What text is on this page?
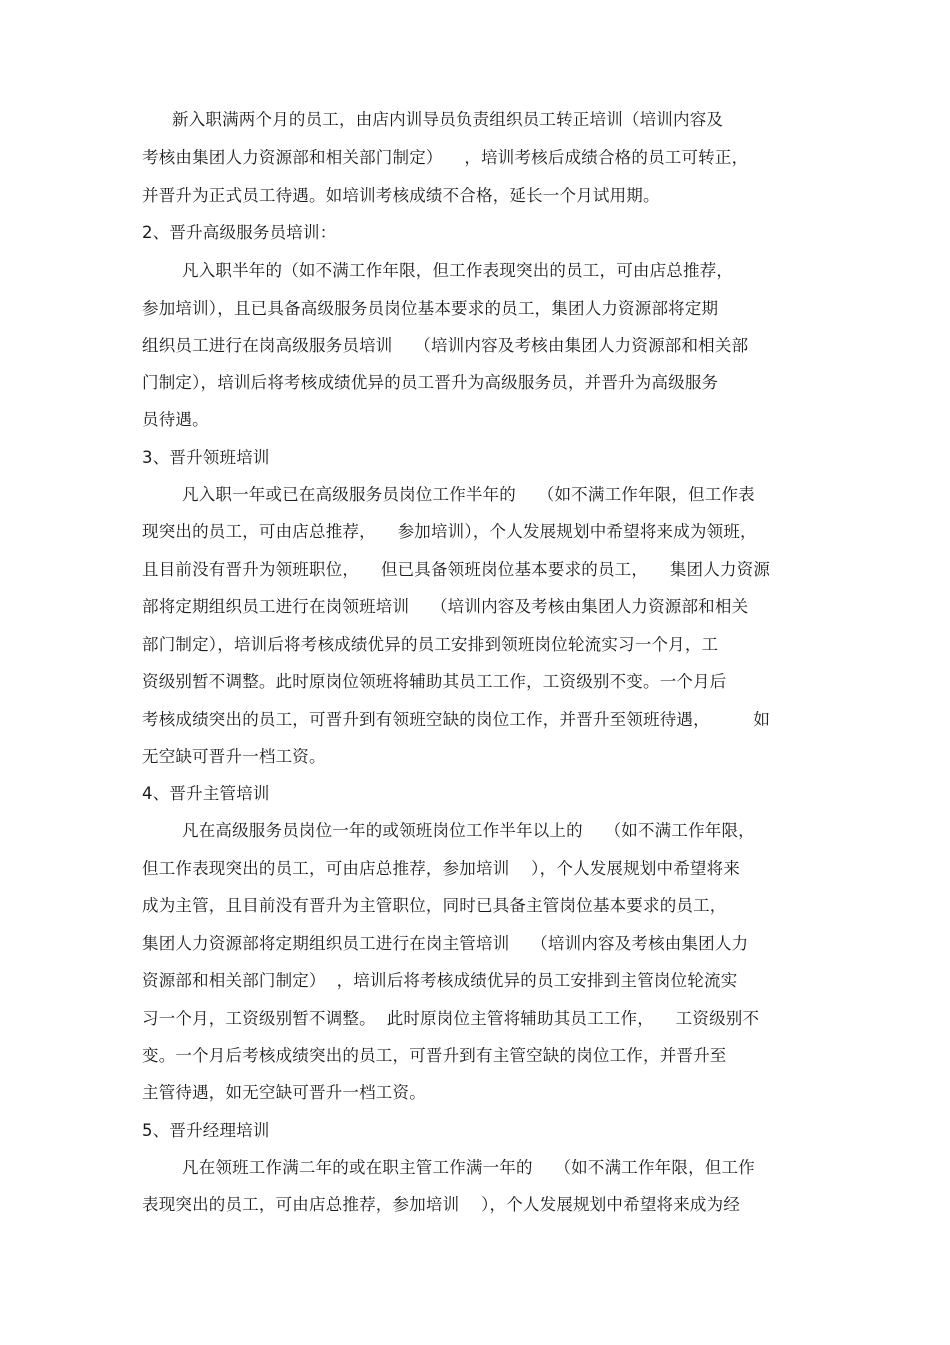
新入职满两个月的员工，由店内训导员负责组织员工转正培训（培训内容及
考核由集团人力资源部和相关部门制定）    ，培训考核后成绩合格的员工可转正，
并晋升为正式员工待遇。如培训考核成绩不合格，延长一个月试用期。
2、晋升高级服务员培训：
凡入职半年的（如不满工作年限，但工作表现突出的员工，可由店总推荐，
参加培训），且已具备高级服务员岗位基本要求的员工，集团人力资源部将定期
组织员工进行在岗高级服务员培训    （培训内容及考核由集团人力资源部和相关部
门制定），培训后将考核成绩优异的员工晋升为高级服务员，并晋升为高级服务
员待遇。
3、晋升领班培训
凡入职一年或已在高级服务员岗位工作半年的    （如不满工作年限，但工作表
现突出的员工，可由店总推荐，    参加培训），个人发展规划中希望将来成为领班，
且目前没有晋升为领班职位，    但已具备领班岗位基本要求的员工，    集团人力资源
部将定期组织员工进行在岗领班培训    （培训内容及考核由集团人力资源部和相关
部门制定），培训后将考核成绩优异的员工安排到领班岗位轮流实习一个月，工
资级别暂不调整。此时原岗位领班将辅助其员工工作，工资级别不变。一个月后
考核成绩突出的员工，可晋升到有领班空缺的岗位工作，并晋升至领班待遇，        如
无空缺可晋升一档工资。
4、晋升主管培训
凡在高级服务员岗位一年的或领班岗位工作半年以上的    （如不满工作年限，
但工作表现突出的员工，可由店总推荐，参加培训    ），个人发展规划中希望将来
成为主管，且目前没有晋升为主管职位，同时已具备主管岗位基本要求的员工，
集团人力资源部将定期组织员工进行在岗主管培训    （培训内容及考核由集团人力
资源部和相关部门制定）  ，培训后将考核成绩优异的员工安排到主管岗位轮流实
习一个月，工资级别暂不调整。  此时原岗位主管将辅助其员工工作，    工资级别不
变。一个月后考核成绩突出的员工，可晋升到有主管空缺的岗位工作，并晋升至
主管待遇，如无空缺可晋升一档工资。
5、晋升经理培训
凡在领班工作满二年的或在职主管工作满一年的    （如不满工作年限，但工作
表现突出的员工，可由店总推荐，参加培训    ），个人发展规划中希望将来成为经
